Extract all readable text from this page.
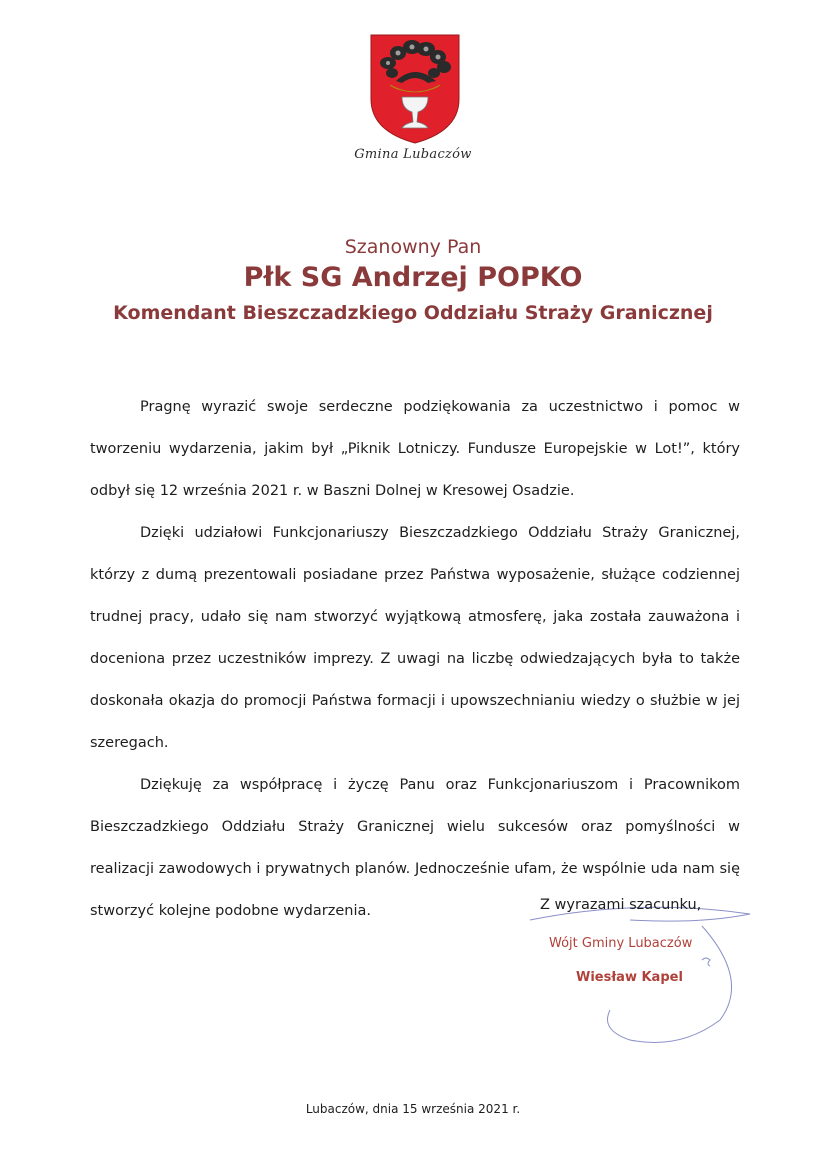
Gmina Lubaczów
Szanowny Pan
Płk SG Andrzej POPKO
Komendant Bieszczadzkiego Oddziału Straży Granicznej

Pragnę wyrazić swoje serdeczne podziękowania za uczestnictwo i pomoc w tworzeniu wydarzenia, jakim był „Piknik Lotniczy. Fundusze Europejskie w Lot!”, który odbył się 12 września 2021 r. w Baszni Dolnej w Kresowej Osadzie.

Dzięki udziałowi Funkcjonariuszy Bieszczadzkiego Oddziału Straży Granicznej, którzy z dumą prezentowali posiadane przez Państwa wyposażenie, służące codziennej trudnej pracy, udało się nam stworzyć wyjątkową atmosferę, jaka została zauważona i doceniona przez uczestników imprezy. Z uwagi na liczbę odwiedzających była to także doskonała okazja do promocji Państwa formacji i upowszechnianiu wiedzy o służbie w jej szeregach.

Dziękuję za współpracę i życzę Panu oraz Funkcjonariuszom i Pracownikom Bieszczadzkiego Oddziału Straży Granicznej wielu sukcesów oraz pomyślności w realizacji zawodowych i prywatnych planów. Jednocześnie ufam, że wspólnie uda nam się stworzyć kolejne podobne wydarzenia.	Z wyrazami szacunku,
Wójt Gminy Lubaczów
Wiesław Kapel
Lubaczów, dnia 15 września 2021 r.
